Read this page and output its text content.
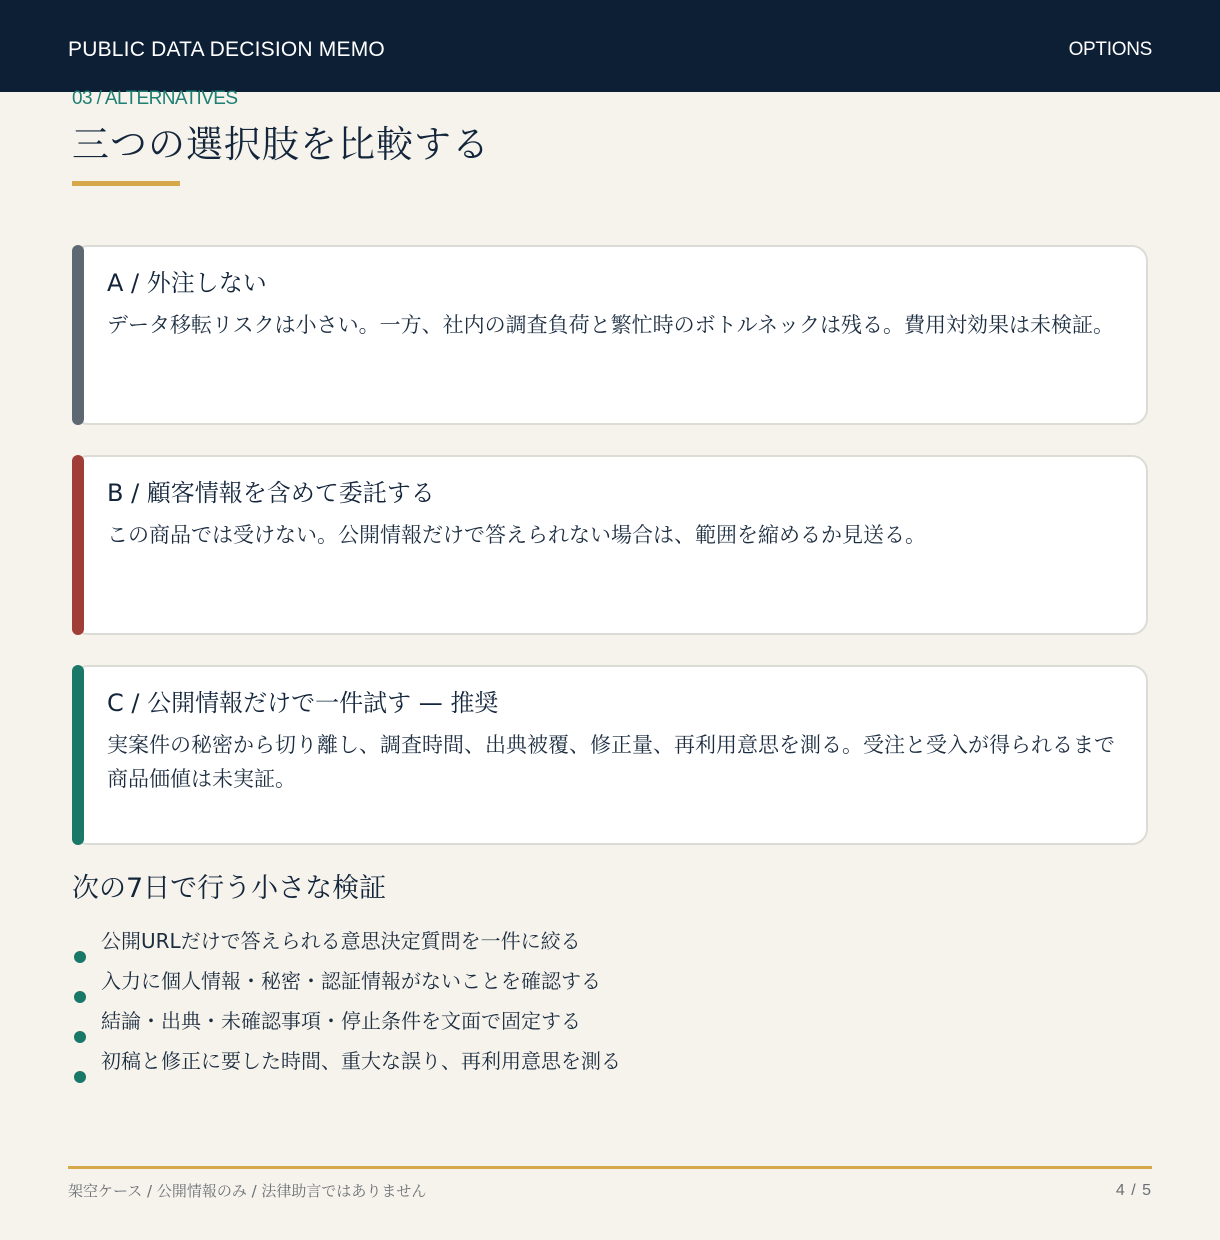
PUBLIC DATA DECISION MEMO	OPTIONS
03 / ALTERNATIVES
三つの選択肢を比較する
A / 外注しない
データ移転リスクは小さい。一方、社内の調査負荷と繁忙時のボトルネックは残る。費用対効果は未検証。
B / 顧客情報を含めて委託する
この商品では受けない。公開情報だけで答えられない場合は、範囲を縮めるか見送る。
C / 公開情報だけで一件試す — 推奨
実案件の秘密から切り離し、調査時間、出典被覆、修正量、再利用意思を測る。受注と受入が得られるまで商品価値は未実証。
次の7日で行う小さな検証
公開URLだけで答えられる意思決定質問を一件に絞る
入力に個人情報・秘密・認証情報がないことを確認する
結論・出典・未確認事項・停止条件を文面で固定する
初稿と修正に要した時間、重大な誤り、再利用意思を測る
架空ケース / 公開情報のみ / 法律助言ではありません	4 / 5
